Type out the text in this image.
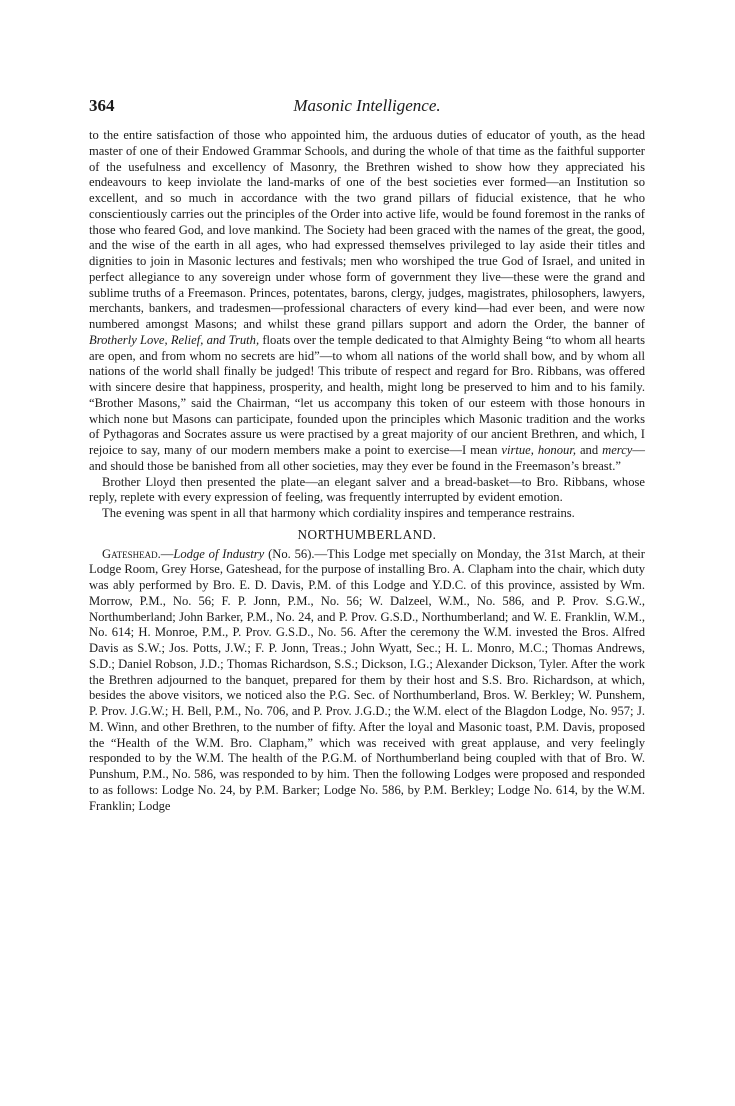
364	Masonic Intelligence.

to the entire satisfaction of those who appointed him, the arduous duties of educator of youth, as the head master of one of their Endowed Grammar Schools, and during the whole of that time as the faithful supporter of the usefulness and excellency of Masonry, the Brethren wished to show how they appreciated his endeavours to keep inviolate the land-marks of one of the best societies ever formed—an Institution so excellent, and so much in accordance with the two grand pillars of fiducial existence, that he who conscientiously carries out the principles of the Order into active life, would be found foremost in the ranks of those who feared God, and love mankind. The Society had been graced with the names of the great, the good, and the wise of the earth in all ages, who had expressed themselves privileged to lay aside their titles and dignities to join in Masonic lectures and festivals; men who worshiped the true God of Israel, and united in perfect allegiance to any sovereign under whose form of government they live—these were the grand and sublime truths of a Freemason. Princes, potentates, barons, clergy, judges, magistrates, philosophers, lawyers, merchants, bankers, and tradesmen—professional characters of every kind—had ever been, and were now numbered amongst Masons; and whilst these grand pillars support and adorn the Order, the banner of Brotherly Love, Relief, and Truth, floats over the temple dedicated to that Almighty Being “to whom all hearts are open, and from whom no secrets are hid”—to whom all nations of the world shall bow, and by whom all nations of the world shall finally be judged! This tribute of respect and regard for Bro. Ribbans, was offered with sincere desire that happiness, prosperity, and health, might long be preserved to him and to his family. “Brother Masons,” said the Chairman, “let us accompany this token of our esteem with those honours in which none but Masons can participate, founded upon the principles which Masonic tradition and the works of Pythagoras and Socrates assure us were practised by a great majority of our ancient Brethren, and which, I rejoice to say, many of our modern members make a point to exercise—I mean virtue, honour, and mercy—and should those be banished from all other societies, may they ever be found in the Freemason’s breast.”

Brother Lloyd then presented the plate—an elegant salver and a bread-basket—to Bro. Ribbans, whose reply, replete with every expression of feeling, was frequently interrupted by evident emotion.

The evening was spent in all that harmony which cordiality inspires and temperance restrains.

NORTHUMBERLAND.

Gateshead.—Lodge of Industry (No. 56).—This Lodge met specially on Monday, the 31st March, at their Lodge Room, Grey Horse, Gateshead, for the purpose of installing Bro. A. Clapham into the chair, which duty was ably performed by Bro. E. D. Davis, P.M. of this Lodge and Y.D.C. of this province, assisted by Wm. Morrow, P.M., No. 56; F. P. Jonn, P.M., No. 56; W. Dalzeel, W.M., No. 586, and P. Prov. S.G.W., Northumberland; John Barker, P.M., No. 24, and P. Prov. G.S.D., Northumberland; and W. E. Franklin, W.M., No. 614; H. Monroe, P.M., P. Prov. G.S.D., No. 56. After the ceremony the W.M. invested the Bros. Alfred Davis as S.W.; Jos. Potts, J.W.; F. P. Jonn, Treas.; John Wyatt, Sec.; H. L. Monro, M.C.; Thomas Andrews, S.D.; Daniel Robson, J.D.; Thomas Richardson, S.S.; Dickson, I.G.; Alexander Dickson, Tyler. After the work the Brethren adjourned to the banquet, prepared for them by their host and S.S. Bro. Richardson, at which, besides the above visitors, we noticed also the P.G. Sec. of Northumberland, Bros. W. Berkley; W. Punshem, P. Prov. J.G.W.; H. Bell, P.M., No. 706, and P. Prov. J.G.D.; the W.M. elect of the Blagdon Lodge, No. 957; J. M. Winn, and other Brethren, to the number of fifty. After the loyal and Masonic toast, P.M. Davis, proposed the “Health of the W.M. Bro. Clapham,” which was received with great applause, and very feelingly responded to by the W.M. The health of the P.G.M. of Northumberland being coupled with that of Bro. W. Punshum, P.M., No. 586, was responded to by him. Then the following Lodges were proposed and responded to as follows: Lodge No. 24, by P.M. Barker; Lodge No. 586, by P.M. Berkley; Lodge No. 614, by the W.M. Franklin; Lodge
